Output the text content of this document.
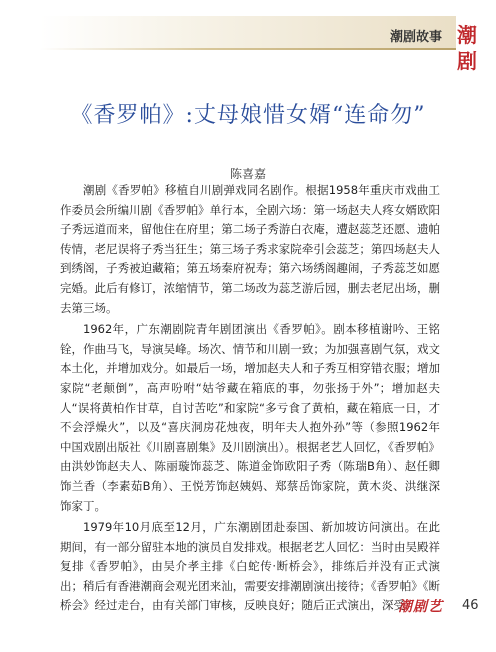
潮剧故事 潮剧
《香罗帕》:丈母娘惜女婿“连命勿”
陈喜嘉

潮剧《香罗帕》移植自川剧弹戏同名剧作。根据1958年重庆市戏曲工作委员会所编川剧《香罗帕》单行本，全剧六场：第一场赵夫人疼女婿欧阳子秀远道而来，留他住在府里；第二场子秀游白衣庵，遭赵蕊芝还愿、遗帕传情，老尼误将子秀当狂生；第三场子秀求家院牵引会蕊芝；第四场赵夫人到绣阁，子秀被迫藏箱；第五场秦府祝寿；第六场绣阁趣闹，子秀蕊芝如愿完婚。此后有修订，浓缩情节，第二场改为蕊芝游后园，删去老尼出场，删去第三场。

1962年，广东潮剧院青年剧团演出《香罗帕》。剧本移植谢吟、王铭铨，作曲马飞，导演吴峰。场次、情节和川剧一致；为加强喜剧气氛，戏文本土化，并增加戏分。如最后一场，增加赵夫人和子秀互相穿错衣服；增加家院“老颠倒”，高声吩咐“姑爷藏在箱底的事，勿张扬于外”；增加赵夫人“误将黄柏作甘草，自讨苦吃”和家院“多亏食了黄柏，藏在箱底一日，才不会浮燥火”，以及“喜庆洞房花烛夜，明年夫人抱外孙”等（参照1962年中国戏剧出版社《川剧喜剧集》及川剧演出）。根据老艺人回忆，《香罗帕》由洪妙饰赵夫人、陈丽璇饰蕊芝、陈道金饰欧阳子秀（陈瑞B角）、赵任卿饰兰香（李素茹B角）、王悦芳饰赵姨妈、郑蔡岳饰家院，黄木炎、洪继深饰家丁。

1979年10月底至12月，广东潮剧团赴泰国、新加坡访问演出。在此期间，有一部分留驻本地的演员自发排戏。根据老艺人回忆：当时由吴殿祥复排《香罗帕》，由吴介孝主排《白蛇传·断桥会》，排练后并没有正式演出；稍后有香港潮商会观光团来汕，需要安排潮剧演出接待；《香罗帕》《断桥会》经过走台，由有关部门审核，反映良好；随后正式演出，深受

潮剧艺	46
